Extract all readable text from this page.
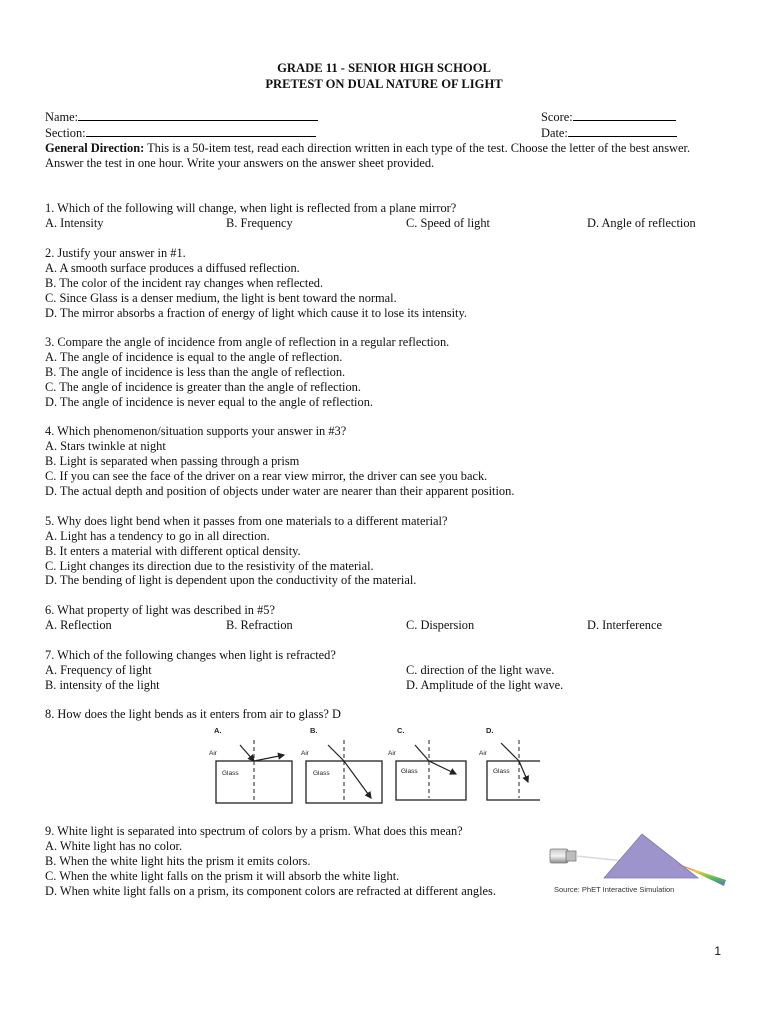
GRADE 11 - SENIOR HIGH SCHOOL
PRETEST ON DUAL NATURE OF LIGHT
Name:	Score:
Section:	Date:
General Direction: This is a 50-item test, read each direction written in each type of the test. Choose the letter of the best answer.
Answer the test in one hour. Write your answers on the answer sheet provided.
1. Which of the following will change, when light is reflected from a plane mirror?
A. Intensity	B. Frequency	C. Speed of light	D. Angle of reflection
2. Justify your answer in #1.
A. A smooth surface produces a diffused reflection.
B. The color of the incident ray changes when reflected.
C. Since Glass is a denser medium, the light is bent toward the normal.
D. The mirror absorbs a fraction of energy of light which cause it to lose its intensity.
3. Compare the angle of incidence from angle of reflection in a regular reflection.
A. The angle of incidence is equal to the angle of reflection.
B. The angle of incidence is less than the angle of reflection.
C. The angle of incidence is greater than the angle of reflection.
D. The angle of incidence is never equal to the angle of reflection.
4. Which phenomenon/situation supports your answer in #3?
A. Stars twinkle at night
B. Light is separated when passing through a prism
C. If you can see the face of the driver on a rear view mirror, the driver can see you back.
D. The actual depth and position of objects under water are nearer than their apparent position.
5. Why does light bend when it passes from one materials to a different material?
A. Light has a tendency to go in all direction.
B. It enters a material with different optical density.
C. Light changes its direction due to the resistivity of the material.
D. The bending of light is dependent upon the conductivity of the material.
6. What property of light was described in #5?
A. Reflection	B. Refraction	C. Dispersion	D. Interference
7. Which of the following changes when light is refracted?
A. Frequency of light
B. intensity of the light
C. direction of the light wave.
D. Amplitude of the light wave.
8. How does the light bends as it enters from air to glass? D
A.
Air
Glass
B.
Air
Glass
C.
Air
Glass
D.
Air
Glass
9. White light is separated into spectrum of colors by a prism. What does this mean?
A. White light has no color.
B. When the white light hits the prism it emits colors.
C. When the white light falls on the prism it will absorb the white light.
D. When white light falls on a prism, its component colors are refracted at different angles.	Source: PhET Interactive Simulation
1
